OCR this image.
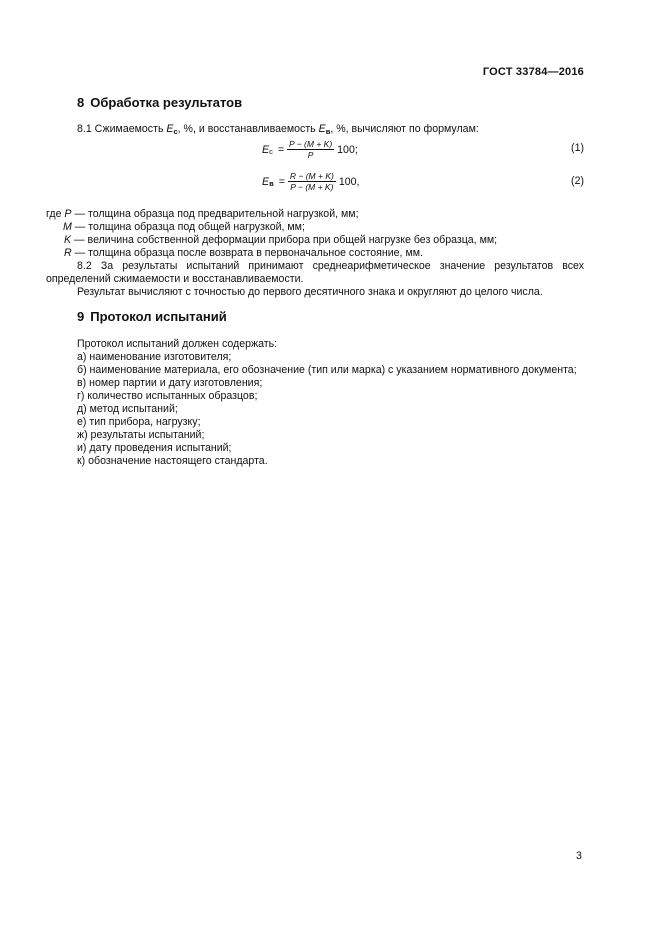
ГОСТ 33784—2016
8 Обработка результатов
8.1 Сжимаемость Eс, %, и восстанавливаемость Eв, %, вычисляют по формулам:
E $с = \frac{P - (M + K)}{P} 100$;	(1)
E $в = \frac{R - (M + K)}{P - (M + K)} 100$,	(2)
где P — толщина образца под предварительной нагрузкой, мм;
M — толщина образца под общей нагрузкой, мм;
K — величина собственной деформации прибора при общей нагрузке без образца, мм;
R — толщина образца после возврата в первоначальное состояние, мм.
8.2 За результаты испытаний принимают среднеарифметическое значение результатов всех
определений сжимаемости и восстанавливаемости.
Результат вычисляют с точностью до первого десятичного знака и округляют до целого числа.
9 Протокол испытаний
Протокол испытаний должен содержать:
а) наименование изготовителя;
б) наименование материала, его обозначение (тип или марка) с указанием нормативного документа;
в) номер партии и дату изготовления;
г) количество испытанных образцов;
д) метод испытаний;
е) тип прибора, нагрузку;
ж) результаты испытаний;
и) дату проведения испытаний;
к) обозначение настоящего стандарта.
3
